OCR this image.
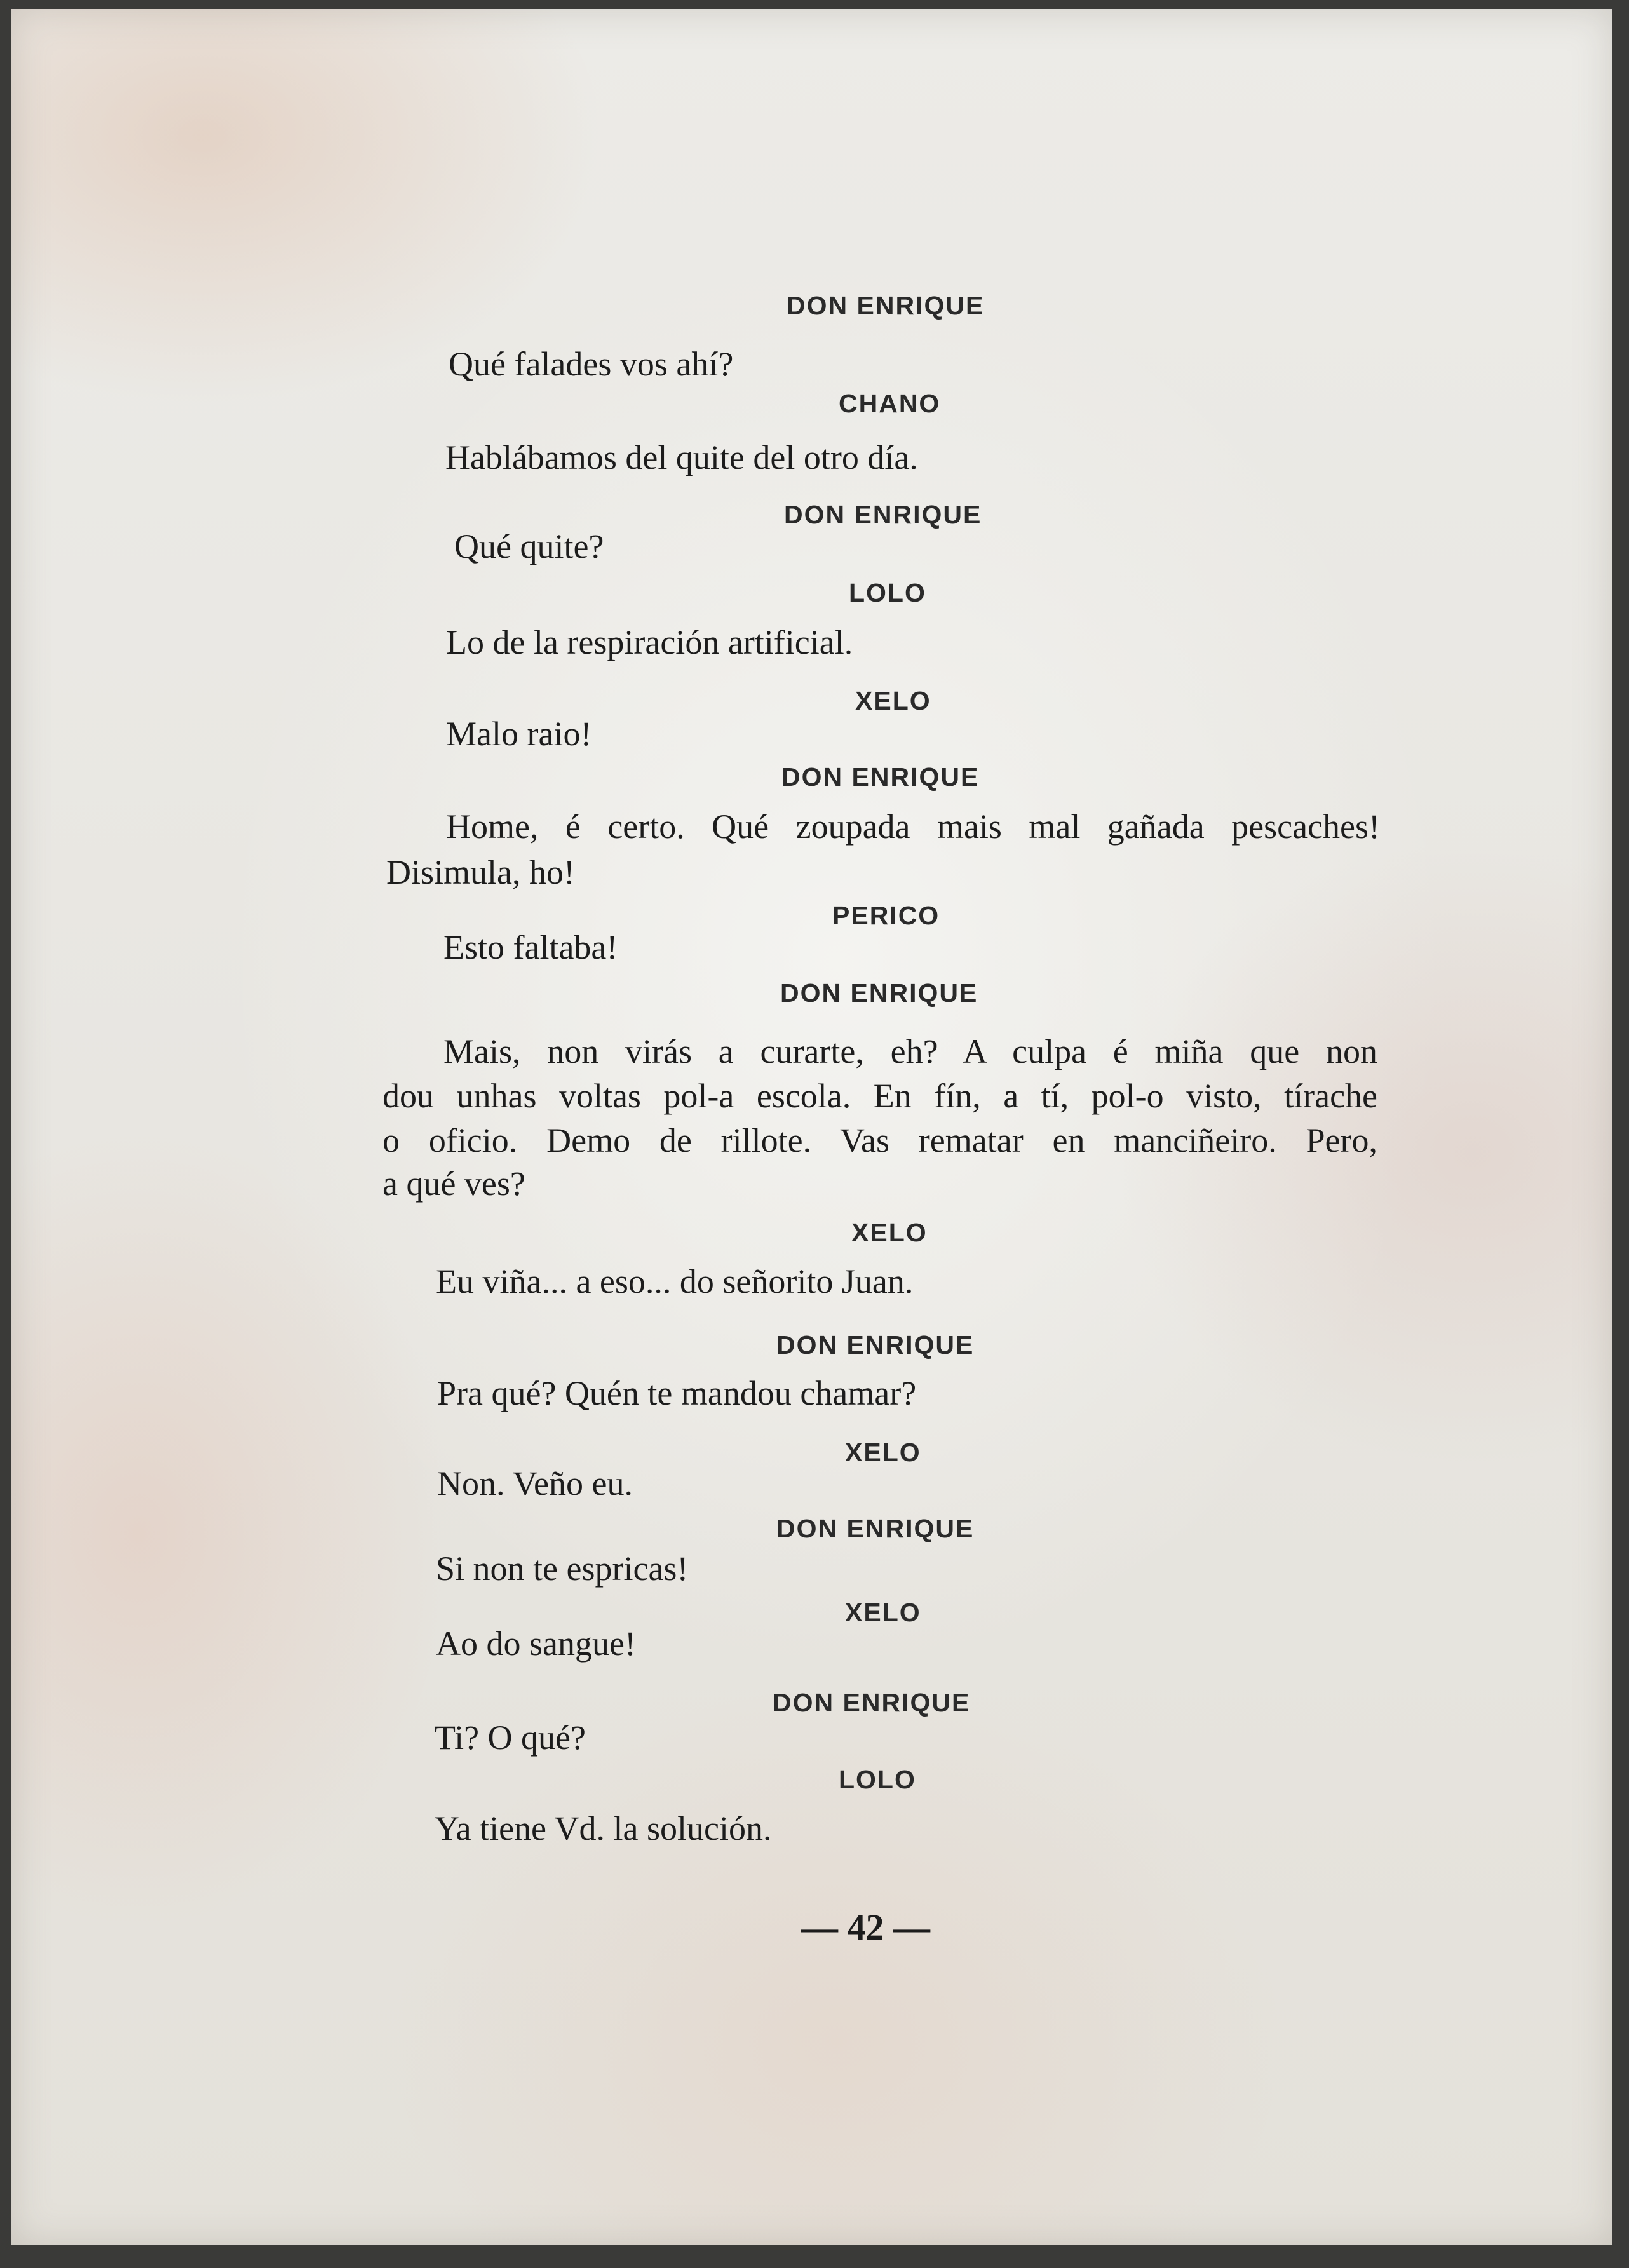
DON ENRIQUE
Qué falades vos ahí?
CHANO
Hablábamos del quite del otro día.
DON ENRIQUE
Qué quite?
LOLO
Lo de la respiración artificial.
XELO
Malo raio!
DON ENRIQUE
Home, é certo. Qué zoupada mais mal gañada pescaches!
Disimula, ho!
PERICO
Esto faltaba!
DON ENRIQUE
Mais, non virás a curarte, eh? A culpa é miña que non
dou unhas voltas pol-a escola. En fín, a tí, pol-o visto, tírache
o oficio. Demo de rillote. Vas rematar en manciñeiro. Pero,
a qué ves?
XELO
Eu viña... a eso... do señorito Juan.
DON ENRIQUE
Pra qué? Quén te mandou chamar?
XELO
Non. Veño eu.
DON ENRIQUE
Si non te espricas!
XELO
Ao do sangue!
DON ENRIQUE
Ti? O qué?
LOLO
Ya tiene Vd. la solución.
— 42 —
